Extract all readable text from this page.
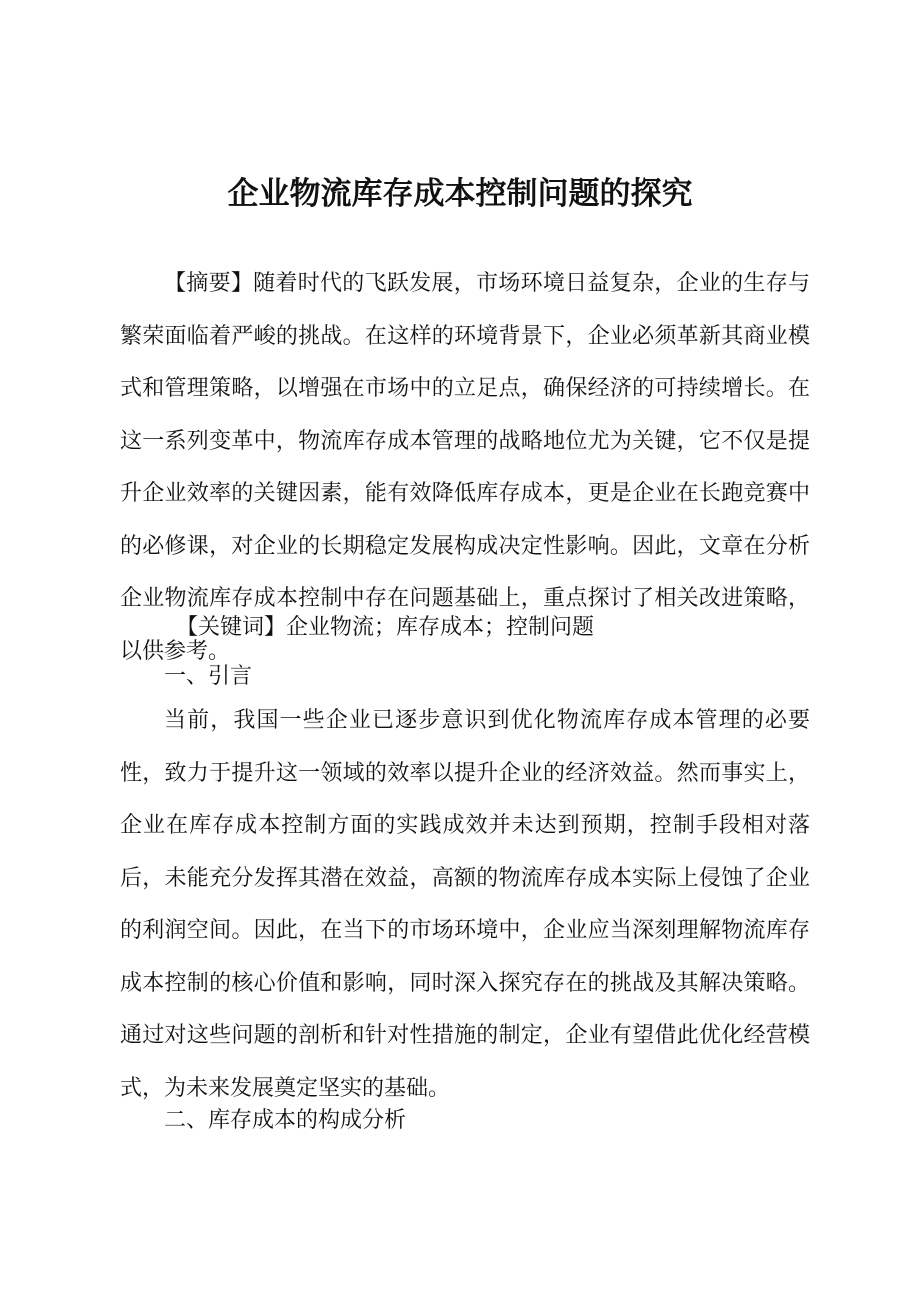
企业物流库存成本控制问题的探究

【摘要】随着时代的飞跃发展，市场环境日益复杂，企业的生存与繁荣面临着严峻的挑战。在这样的环境背景下，企业必须革新其商业模式和管理策略，以增强在市场中的立足点，确保经济的可持续增长。在这一系列变革中，物流库存成本管理的战略地位尤为关键，它不仅是提升企业效率的关键因素，能有效降低库存成本，更是企业在长跑竞赛中的必修课，对企业的长期稳定发展构成决定性影响。因此，文章在分析企业物流库存成本控制中存在问题基础上，重点探讨了相关改进策略，以供参考。

【关键词】企业物流；库存成本；控制问题

一、引言

当前，我国一些企业已逐步意识到优化物流库存成本管理的必要性，致力于提升这一领域的效率以提升企业的经济效益。然而事实上，企业在库存成本控制方面的实践成效并未达到预期，控制手段相对落后，未能充分发挥其潜在效益，高额的物流库存成本实际上侵蚀了企业的利润空间。因此，在当下的市场环境中，企业应当深刻理解物流库存成本控制的核心价值和影响，同时深入探究存在的挑战及其解决策略。通过对这些问题的剖析和针对性措施的制定，企业有望借此优化经营模式，为未来发展奠定坚实的基础。

二、库存成本的构成分析
